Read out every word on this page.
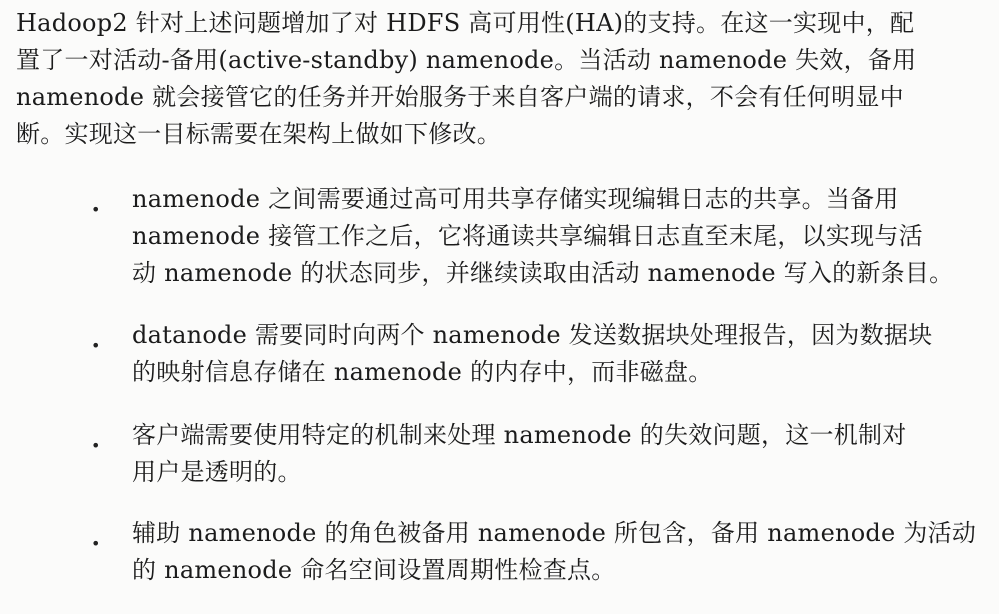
Hadoop2 针对上述问题增加了对 HDFS 高可用性(HA)的支持。在这一实现中，配
置了一对活动-备用(active-standby) namenode。当活动 namenode 失效，备用
namenode 就会接管它的任务并开始服务于来自客户端的请求，不会有任何明显中
断。实现这一目标需要在架构上做如下修改。
• namenode 之间需要通过高可用共享存储实现编辑日志的共享。当备用
namenode 接管工作之后，它将通读共享编辑日志直至末尾，以实现与活
动 namenode 的状态同步，并继续读取由活动 namenode 写入的新条目。
• datanode 需要同时向两个 namenode 发送数据块处理报告，因为数据块
的映射信息存储在 namenode 的内存中，而非磁盘。
• 客户端需要使用特定的机制来处理 namenode 的失效问题，这一机制对
用户是透明的。
• 辅助 namenode 的角色被备用 namenode 所包含，备用 namenode 为活动
的 namenode 命名空间设置周期性检查点。
